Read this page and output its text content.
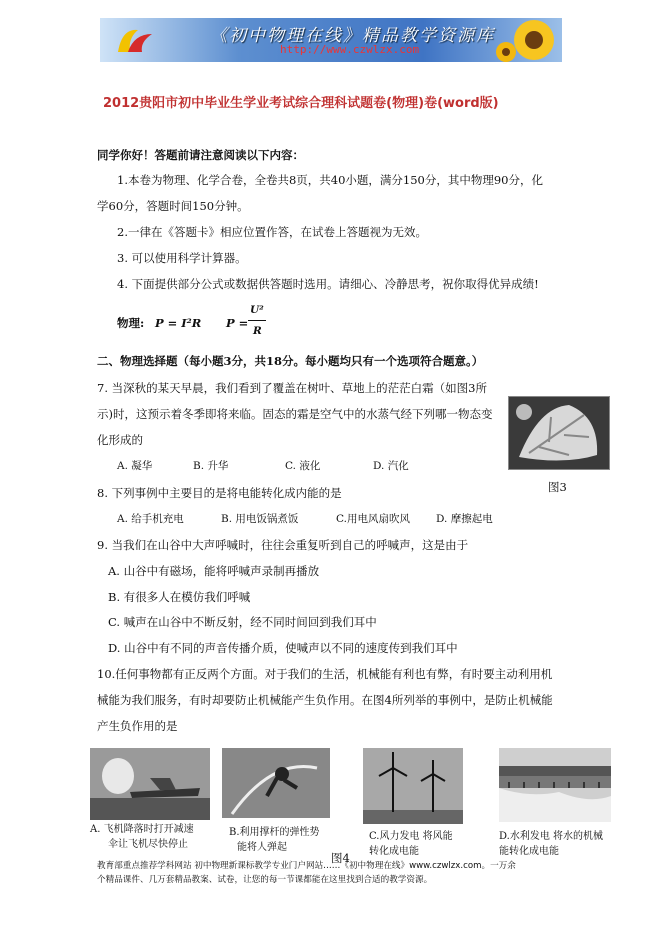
《初中物理在线》精品教学资源库
http://www.czwlzx.com
2012贵阳市初中毕业生学业考试综合理科试题卷(物理)卷(word版)
同学你好！答题前请注意阅读以下内容：
1.本卷为物理、化学合卷，全卷共8页，共40小题，满分150分，其中物理90分，化
学60分，答题时间150分钟。
2.一律在《答题卡》相应位置作答，在试卷上答题视为无效。
3. 可以使用科学计算器。
4. 下面提供部分公式或数据供答题时选用。请细心、冷静思考，祝你取得优异成绩!
物理: P = I²R P =
U²
R
二、物理选择题（每小题3分，共18分。每小题均只有一个选项符合题意。）
7. 当深秋的某天早晨，我们看到了覆盖在树叶、草地上的茫茫白霜（如图3所
示)时，这预示着冬季即将来临。固态的霜是空气中的水蒸气经下列哪一物态变
化形成的
A. 凝华	B. 升华	C. 液化	D. 汽化
图3
8. 下列事例中主要目的是将电能转化成内能的是
A. 给手机充电	B. 用电饭锅煮饭	C.用电风扇吹风 D. 摩擦起电
9. 当我们在山谷中大声呼喊时，往往会重复听到自己的呼喊声，这是由于
A. 山谷中有磁场，能将呼喊声录制再播放
B. 有很多人在模仿我们呼喊
C. 喊声在山谷中不断反射，经不同时间回到我们耳中
D. 山谷中有不同的声音传播介质，使喊声以不同的速度传到我们耳中
10.任何事物都有正反两个方面。对于我们的生活，机械能有利也有弊，有时要主动利用机
械能为我们服务，有时却要防止机械能产生负作用。在图4所列举的事例中，是防止机械能
产生负作用的是
A. 飞机降落时打开减速
伞让飞机尽快停止
B.利用撑杆的弹性势
能将人弹起
C.风力发电 将风能
转化成电能
D.水利发电 将水的机械
能转化成电能
图4
教育部重点推荐学科网站 初中物理新课标教学专业门户网站……《初中物理在线》www.czwlzx.com。一万余
个精品课件、几万套精品教案、试卷，让您的每一节课都能在这里找到合适的教学资源。
